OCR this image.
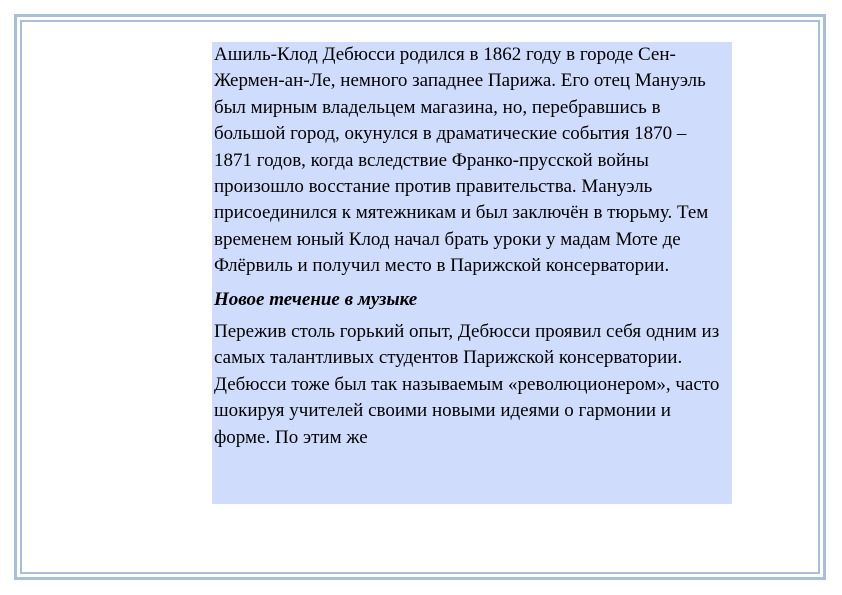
Ашиль-Клод Дебюсси родился в 1862 году в городе Сен-Жермен-ан-Ле, немного западнее Парижа. Его отец Мануэль был мирным владельцем магазина, но, перебравшись в большой город, окунулся в драматические события 1870 – 1871 годов, когда вследствие Франко-прусской войны произошло восстание против правительства. Мануэль присоединился к мятежникам и был заключён в тюрьму. Тем временем юный Клод начал брать уроки у мадам Моте де Флёрвиль и получил место в Парижской консерватории.

Новое течение в музыке

Пережив столь горький опыт, Дебюсси проявил себя одним из самых талантливых студентов Парижской консерватории. Дебюсси тоже был так называемым «революционером», часто шокируя учителей своими новыми идеями о гармонии и форме. По этим же
